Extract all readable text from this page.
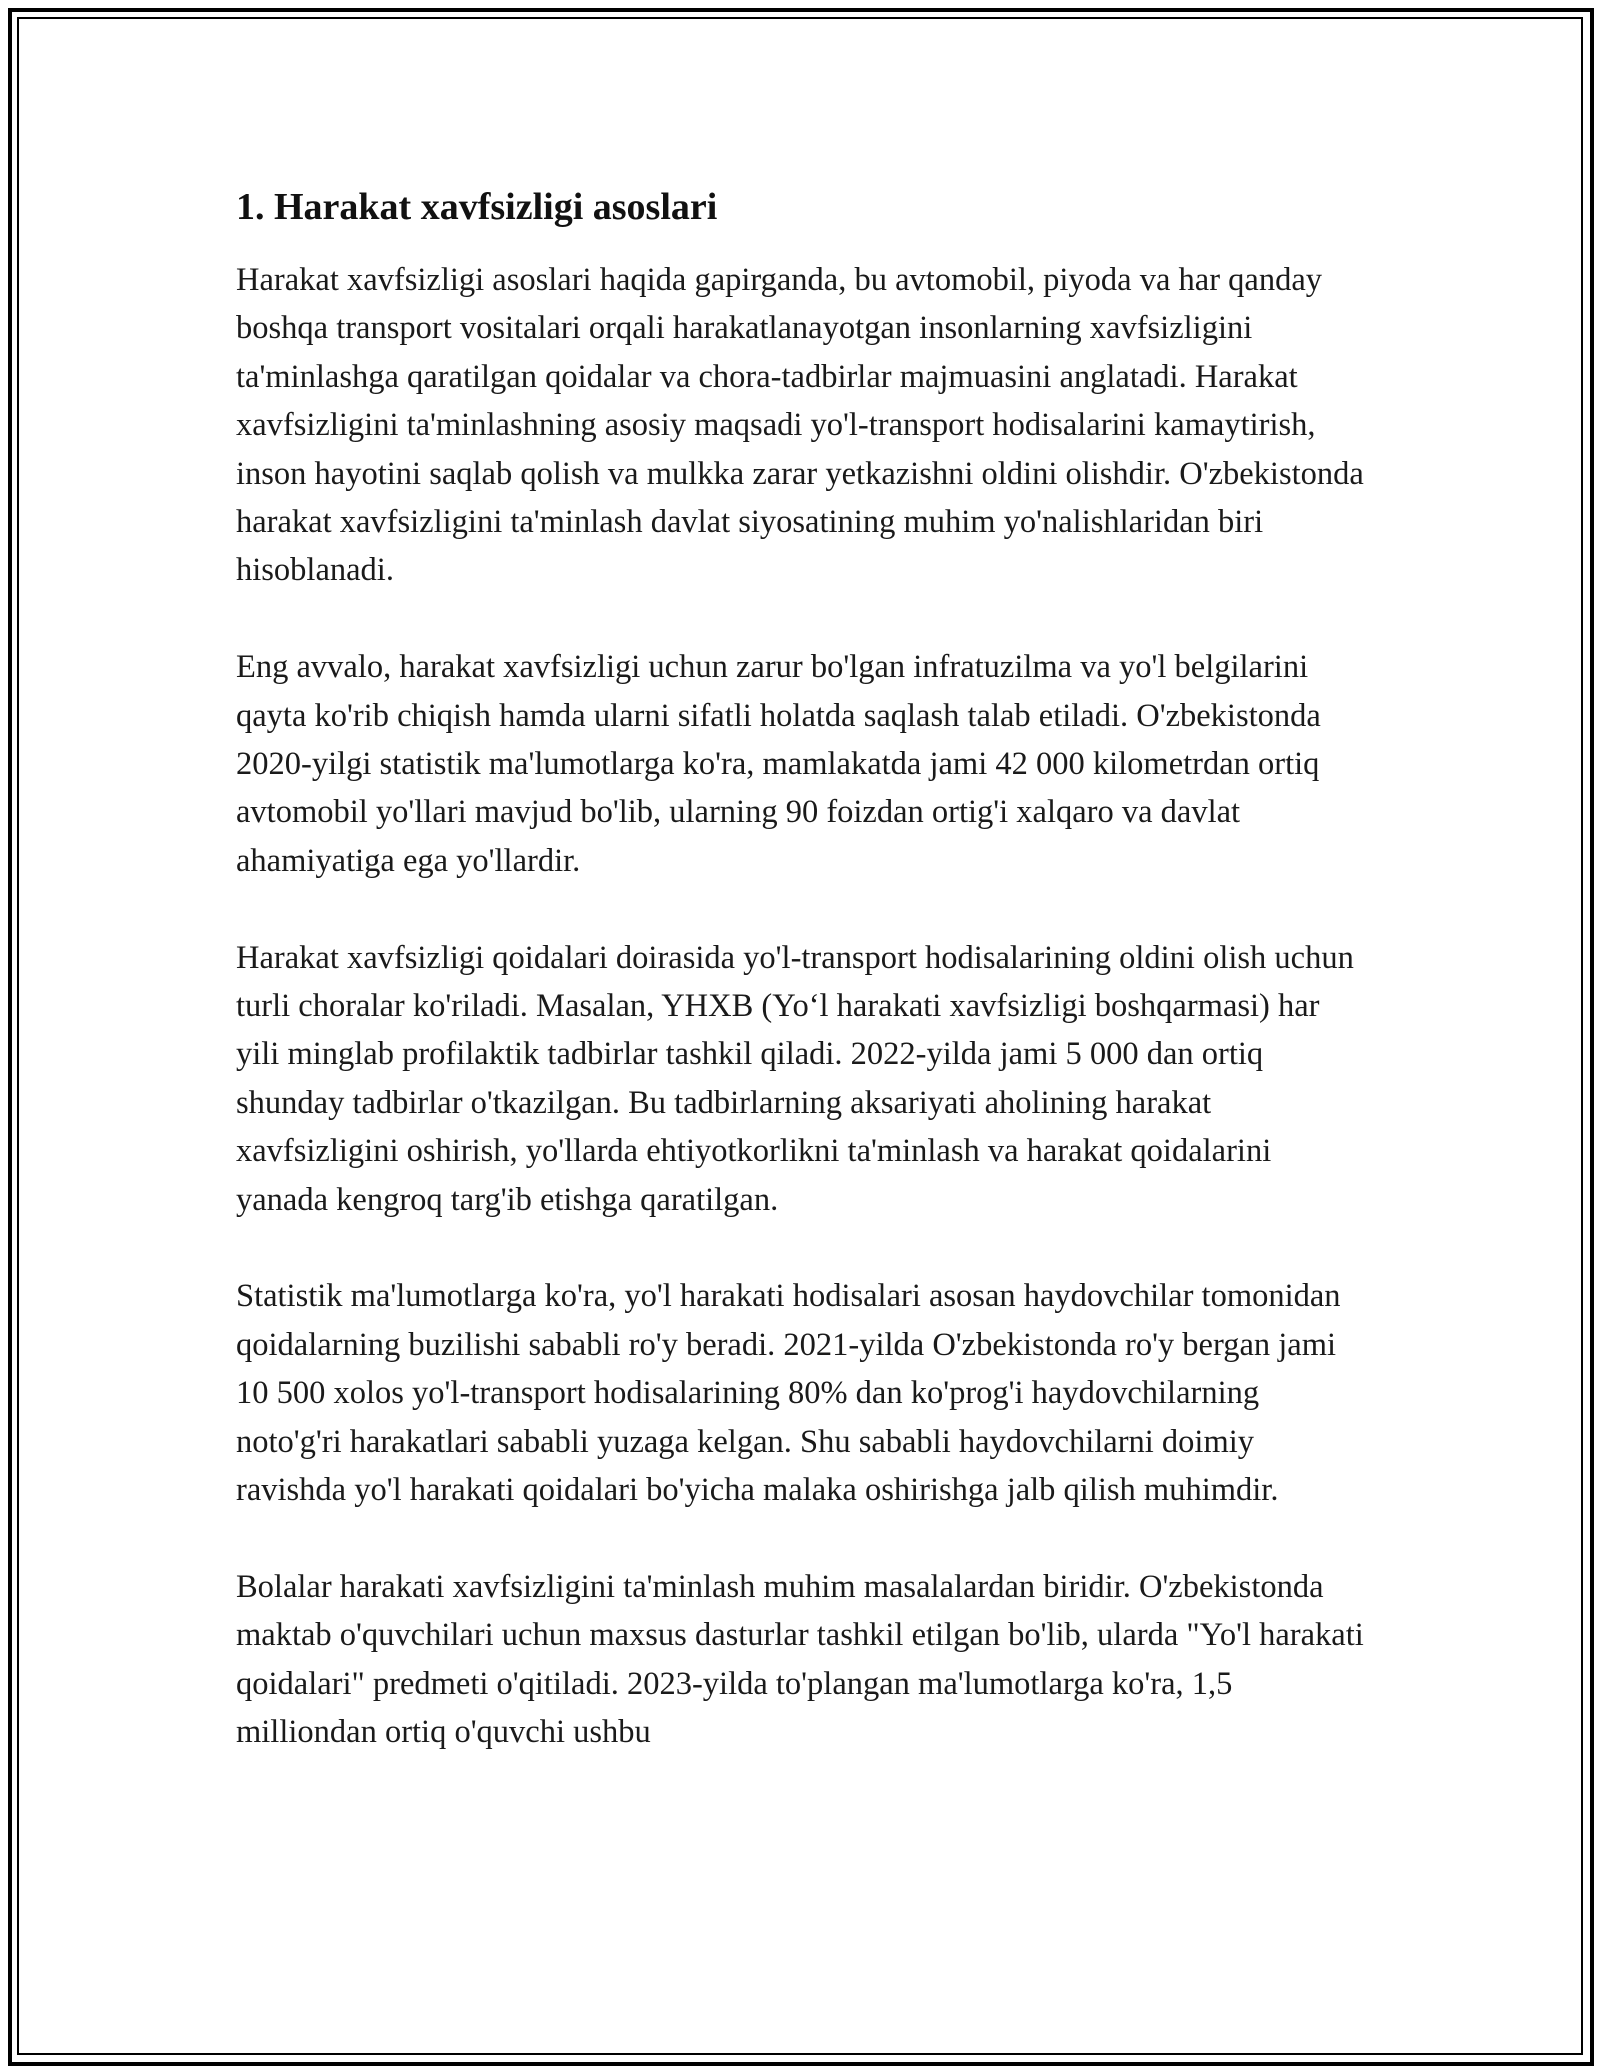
1. Harakat xavfsizligi asoslari

Harakat xavfsizligi asoslari haqida gapirganda, bu avtomobil, piyoda va har qanday boshqa transport vositalari orqali harakatlanayotgan insonlarning xavfsizligini ta'minlashga qaratilgan qoidalar va chora-tadbirlar majmuasini anglatadi. Harakat xavfsizligini ta'minlashning asosiy maqsadi yo'l-transport hodisalarini kamaytirish, inson hayotini saqlab qolish va mulkka zarar yetkazishni oldini olishdir. O'zbekistonda harakat xavfsizligini ta'minlash davlat siyosatining muhim yo'nalishlaridan biri hisoblanadi.

Eng avvalo, harakat xavfsizligi uchun zarur bo'lgan infratuzilma va yo'l belgilarini qayta ko'rib chiqish hamda ularni sifatli holatda saqlash talab etiladi. O'zbekistonda 2020-yilgi statistik ma'lumotlarga ko'ra, mamlakatda jami 42 000 kilometrdan ortiq avtomobil yo'llari mavjud bo'lib, ularning 90 foizdan ortig'i xalqaro va davlat ahamiyatiga ega yo'llardir.

Harakat xavfsizligi qoidalari doirasida yo'l-transport hodisalarining oldini olish uchun turli choralar ko'riladi. Masalan, YHXB (Yo‘l harakati xavfsizligi boshqarmasi) har yili minglab profilaktik tadbirlar tashkil qiladi. 2022-yilda jami 5 000 dan ortiq shunday tadbirlar o'tkazilgan. Bu tadbirlarning aksariyati aholining harakat xavfsizligini oshirish, yo'llarda ehtiyotkorlikni ta'minlash va harakat qoidalarini yanada kengroq targ'ib etishga qaratilgan.

Statistik ma'lumotlarga ko'ra, yo'l harakati hodisalari asosan haydovchilar tomonidan qoidalarning buzilishi sababli ro'y beradi. 2021-yilda O'zbekistonda ro'y bergan jami 10 500 xolos yo'l-transport hodisalarining 80% dan ko'prog'i haydovchilarning noto'g'ri harakatlari sababli yuzaga kelgan. Shu sababli haydovchilarni doimiy ravishda yo'l harakati qoidalari bo'yicha malaka oshirishga jalb qilish muhimdir.

Bolalar harakati xavfsizligini ta'minlash muhim masalalardan biridir. O'zbekistonda maktab o'quvchilari uchun maxsus dasturlar tashkil etilgan bo'lib, ularda "Yo'l harakati qoidalari" predmeti o'qitiladi. 2023-yilda to'plangan ma'lumotlarga ko'ra, 1,5 milliondan ortiq o'quvchi ushbu
